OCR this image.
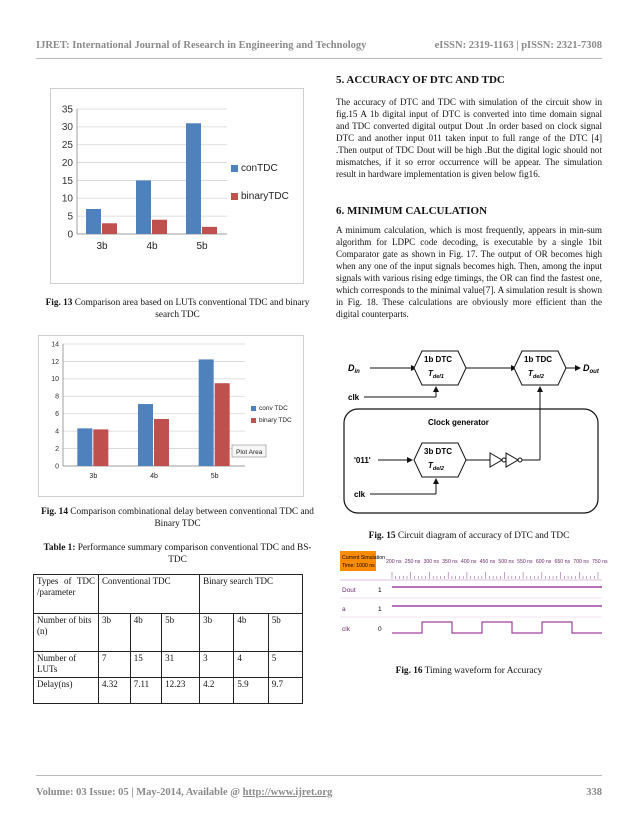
IJRET: International Journal of Research in Engineering and Technology	eISSN: 2319-1163 | pISSN: 2321-7308
0
5
10
15
20
25
30
35
3b	4b	5b
conTDC
binaryTDC
Fig. 13 Comparison area based on LUTs conventional TDC and binary search TDC
0
2
4
6
8
10
12
14
3b	4b	5b
conv TDC
binary TDC
Plot Area
Fig. 14 Comparison combinational delay between conventional TDC and Binary TDC
Table 1: Performance summary comparison conventional TDC and BS-TDC
Types of TDC /parameter	Conventional TDC			Binary search TDC		
Number of bits (n)	3b	4b	5b	3b	4b	5b
Number of LUTs	7	15	31	3	4	5
Delay(ns)	4.32	7.11	12.23	4.2	5.9	9.7
5. ACCURACY OF DTC AND TDC
The accuracy of DTC and TDC with simulation of the circuit show in fig.15 A 1b digital input of DTC is converted into time domain signal and TDC converted digital output Dout .In order based on clock signal DTC and another input 011 taken input to full range of the DTC [4] .Then output of TDC Dout will be high .But the digital logic should not mismatches, if it so error occurrence will be appear. The simulation result in hardware implementation is given below fig16.
6. MINIMUM CALCULATION
A minimum calculation, which is most frequently, appears in min-sum algorithm for LDPC code decoding, is executable by a single 1bit Comparator gate as shown in Fig. 17. The output of OR becomes high when any one of the input signals becomes high. Then, among the input signals with various rising edge timings, the OR can find the fastest one, which corresponds to the minimal value[7]. A simulation result is shown in Fig. 18. These calculations are obviously more efficient than the digital counterparts.
$D_{in}$
1b DTC
$T_{del1}$
1b TDC
$T_{del2}$
$D_{out}$
clk
Clock generator
3b DTC
$T_{del2}$
'011'
clk
Fig. 15 Circuit diagram of accuracy of DTC and TDC
Current Simulation
Time: 1000 ns
200 ns 250 ns 300 ns 350 ns 400 ns 450 ns 500 ns 550 ns 600 ns 650 ns 700 ns 750 ns
Dout	1
a	1
clk	0
Fig. 16 Timing waveform for Accuracy
Volume: 03 Issue: 05 | May-2014, Available @ http://www.ijret.org	338
